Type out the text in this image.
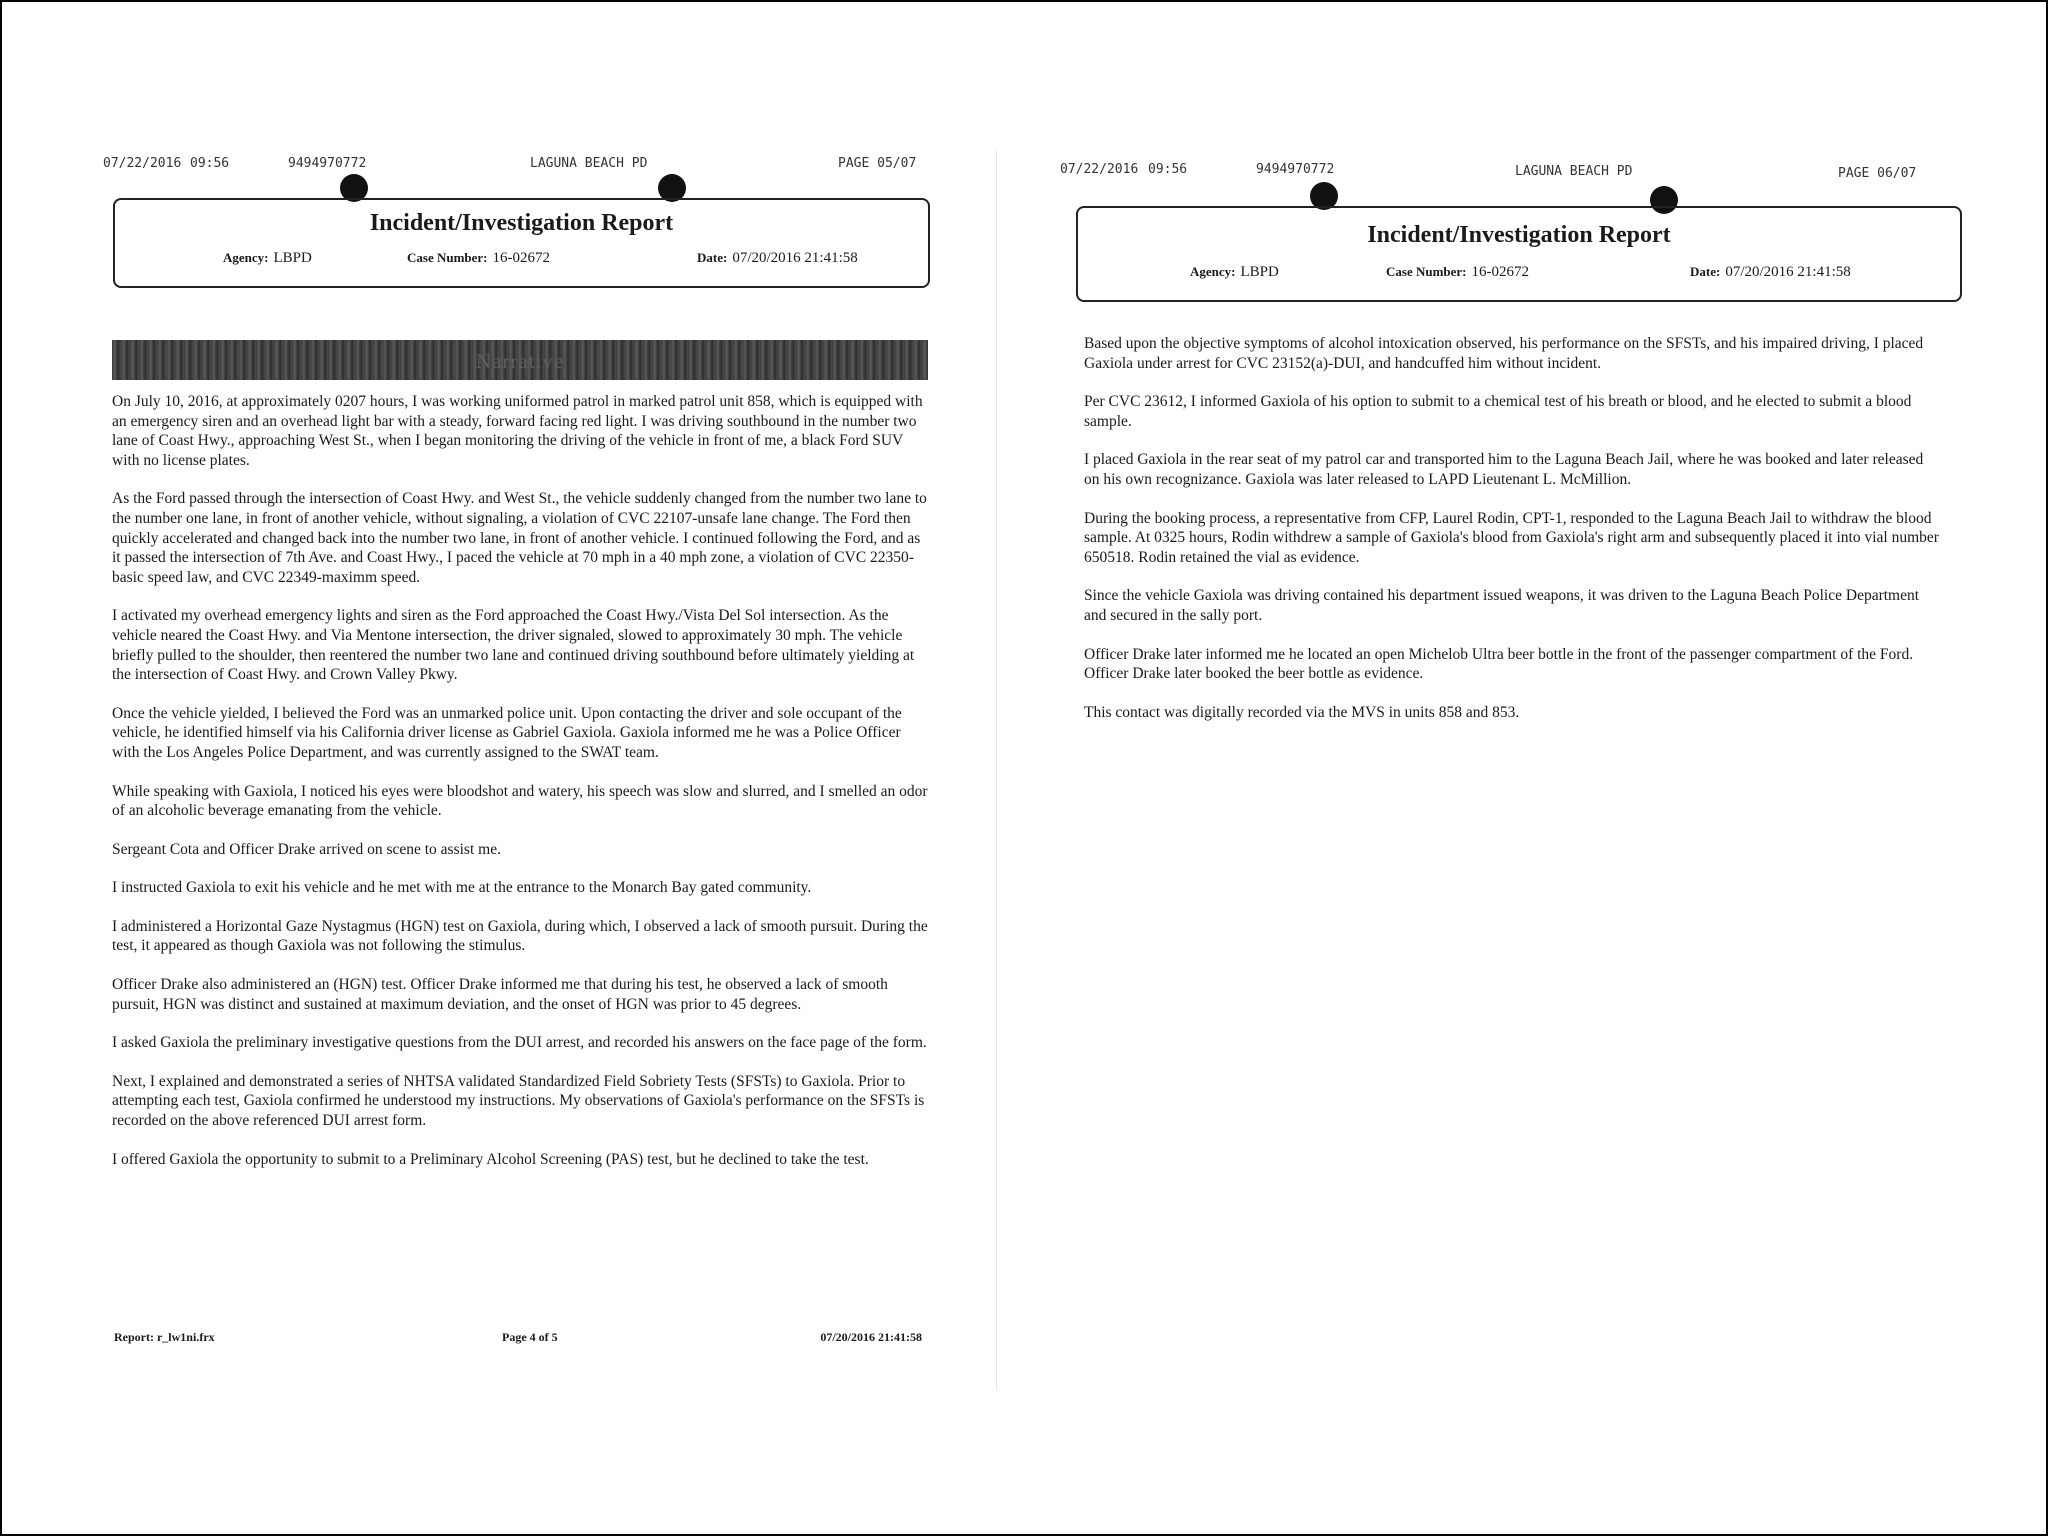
07/22/2016 09:56	9494970772	LAGUNA BEACH PD	PAGE 05/07
Incident/Investigation Report
Agency: LBPD	Case Number: 16-02672	Date: 07/20/2016 21:41:58
Narrative

On July 10, 2016, at approximately 0207 hours, I was working uniformed patrol in marked patrol unit 858, which is equipped with an emergency siren and an overhead light bar with a steady, forward facing red light. I was driving southbound in the number two lane of Coast Hwy., approaching West St., when I began monitoring the driving of the vehicle in front of me, a black Ford SUV with no license plates.

As the Ford passed through the intersection of Coast Hwy. and West St., the vehicle suddenly changed from the number two lane to the number one lane, in front of another vehicle, without signaling, a violation of CVC 22107-unsafe lane change. The Ford then quickly accelerated and changed back into the number two lane, in front of another vehicle. I continued following the Ford, and as it passed the intersection of 7th Ave. and Coast Hwy., I paced the vehicle at 70 mph in a 40 mph zone, a violation of CVC 22350-basic speed law, and CVC 22349-maximm speed.

I activated my overhead emergency lights and siren as the Ford approached the Coast Hwy./Vista Del Sol intersection. As the vehicle neared the Coast Hwy. and Via Mentone intersection, the driver signaled, slowed to approximately 30 mph. The vehicle briefly pulled to the shoulder, then reentered the number two lane and continued driving southbound before ultimately yielding at the intersection of Coast Hwy. and Crown Valley Pkwy.

Once the vehicle yielded, I believed the Ford was an unmarked police unit. Upon contacting the driver and sole occupant of the vehicle, he identified himself via his California driver license as Gabriel Gaxiola. Gaxiola informed me he was a Police Officer with the Los Angeles Police Department, and was currently assigned to the SWAT team.

While speaking with Gaxiola, I noticed his eyes were bloodshot and watery, his speech was slow and slurred, and I smelled an odor of an alcoholic beverage emanating from the vehicle.

Sergeant Cota and Officer Drake arrived on scene to assist me.

I instructed Gaxiola to exit his vehicle and he met with me at the entrance to the Monarch Bay gated community.

I administered a Horizontal Gaze Nystagmus (HGN) test on Gaxiola, during which, I observed a lack of smooth pursuit. During the test, it appeared as though Gaxiola was not following the stimulus.

Officer Drake also administered an (HGN) test. Officer Drake informed me that during his test, he observed a lack of smooth pursuit, HGN was distinct and sustained at maximum deviation, and the onset of HGN was prior to 45 degrees.

I asked Gaxiola the preliminary investigative questions from the DUI arrest, and recorded his answers on the face page of the form.

Next, I explained and demonstrated a series of NHTSA validated Standardized Field Sobriety Tests (SFSTs) to Gaxiola. Prior to attempting each test, Gaxiola confirmed he understood my instructions. My observations of Gaxiola's performance on the SFSTs is recorded on the above referenced DUI arrest form.

I offered Gaxiola the opportunity to submit to a Preliminary Alcohol Screening (PAS) test, but he declined to take the test.

Report: r_lw1ni.frx	Page 4 of 5	07/20/2016 21:41:58
07/22/2016 09:56	9494970772	LAGUNA BEACH PD	PAGE 06/07
Incident/Investigation Report
Agency: LBPD	Case Number: 16-02672	Date: 07/20/2016 21:41:58

Based upon the objective symptoms of alcohol intoxication observed, his performance on the SFSTs, and his impaired driving, I placed Gaxiola under arrest for CVC 23152(a)-DUI, and handcuffed him without incident.

Per CVC 23612, I informed Gaxiola of his option to submit to a chemical test of his breath or blood, and he elected to submit a blood sample.

I placed Gaxiola in the rear seat of my patrol car and transported him to the Laguna Beach Jail, where he was booked and later released on his own recognizance. Gaxiola was later released to LAPD Lieutenant L. McMillion.

During the booking process, a representative from CFP, Laurel Rodin, CPT-1, responded to the Laguna Beach Jail to withdraw the blood sample. At 0325 hours, Rodin withdrew a sample of Gaxiola's blood from Gaxiola's right arm and subsequently placed it into vial number 650518. Rodin retained the vial as evidence.

Since the vehicle Gaxiola was driving contained his department issued weapons, it was driven to the Laguna Beach Police Department and secured in the sally port.

Officer Drake later informed me he located an open Michelob Ultra beer bottle in the front of the passenger compartment of the Ford. Officer Drake later booked the beer bottle as evidence.

This contact was digitally recorded via the MVS in units 858 and 853.
